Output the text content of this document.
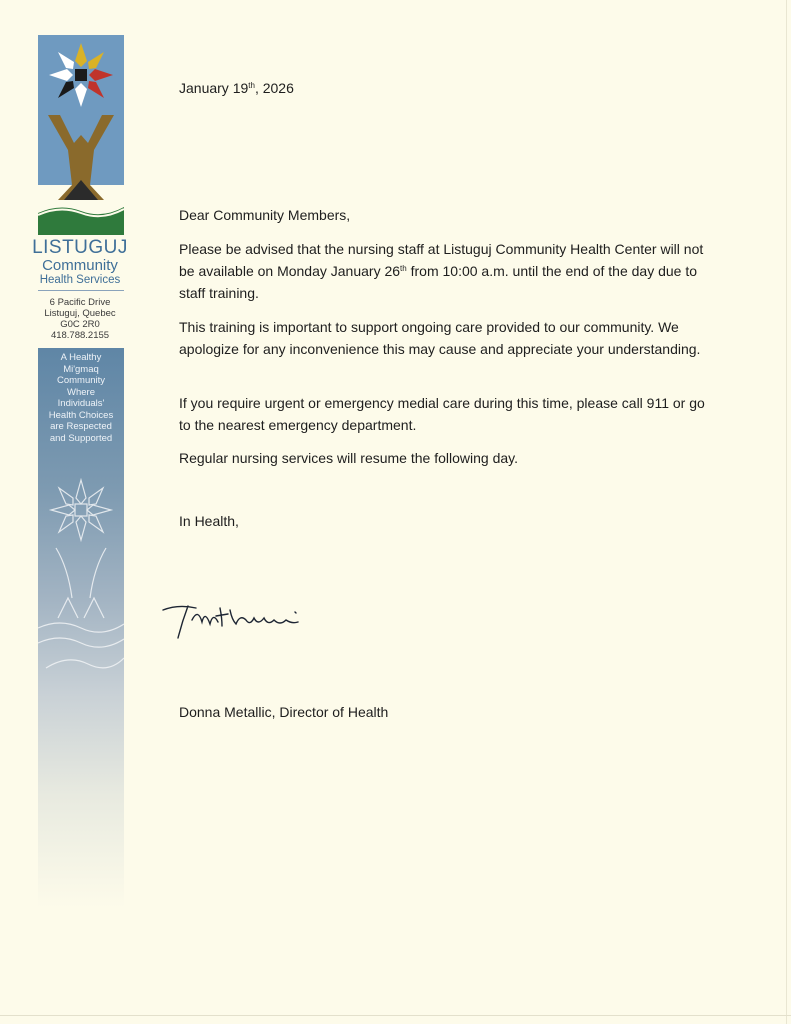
LISTUGUJ
Community
Health Services
6 Pacific Drive
Listuguj, Quebec
G0C 2R0
418.788.2155
A Healthy
Mi'gmaq
Community
Where
Individuals'
Health Choices
are Respected
and Supported
January 19th, 2026
Dear Community Members,
Please be advised that the nursing staff at Listuguj Community Health Center will not be available on Monday January 26th from 10:00 a.m. until the end of the day due to staff training.
This training is important to support ongoing care provided to our community. We apologize for any inconvenience this may cause and appreciate your understanding.
If you require urgent or emergency medial care during this time, please call 911 or go to the nearest emergency department.
Regular nursing services will resume the following day.
In Health,
Donna Metallic, Director of Health
